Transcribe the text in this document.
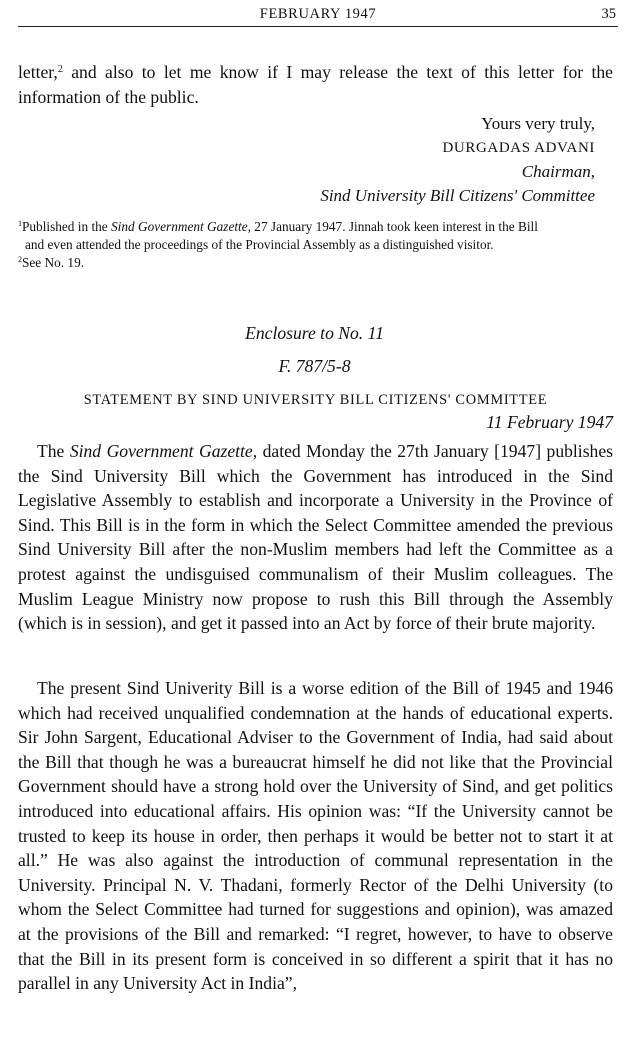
FEBRUARY 1947	35

letter,$^2$ and also to let me know if I may release the text of this letter for the information of the public.

Yours very truly,
DURGADAS ADVANI
Chairman,
Sind University Bill Citizens' Committee

$^1$Published in the Sind Government Gazette, 27 January 1947. Jinnah took keen interest in the Bill

and even attended the proceedings of the Provincial Assembly as a distinguished visitor.

$^2$See No. 19.

Enclosure to No. 11
F. 787/5-8
STATEMENT BY SIND UNIVERSITY BILL CITIZENS' COMMITTEE
11 February 1947

The Sind Government Gazette, dated Monday the 27th January [1947] publishes the Sind University Bill which the Government has introduced in the Sind Legislative Assembly to establish and incorporate a University in the Province of Sind. This Bill is in the form in which the Select Committee amended the previous Sind University Bill after the non-Muslim members had left the Committee as a protest against the undisguised communalism of their Muslim colleagues. The Muslim League Ministry now propose to rush this Bill through the Assembly (which is in session), and get it passed into an Act by force of their brute majority.

The present Sind Univerity Bill is a worse edition of the Bill of 1945 and 1946 which had received unqualified condemnation at the hands of educational experts. Sir John Sargent, Educational Adviser to the Government of India, had said about the Bill that though he was a bureaucrat himself he did not like that the Provincial Government should have a strong hold over the University of Sind, and get politics introduced into educational affairs. His opinion was: “If the University cannot be trusted to keep its house in order, then perhaps it would be better not to start it at all.” He was also against the introduction of communal representation in the University. Principal N. V. Thadani, formerly Rector of the Delhi University (to whom the Select Committee had turned for suggestions and opinion), was amazed at the provisions of the Bill and remarked: “I regret, however, to have to observe that the Bill in its present form is conceived in so different a spirit that it has no parallel in any University Act in India”,
